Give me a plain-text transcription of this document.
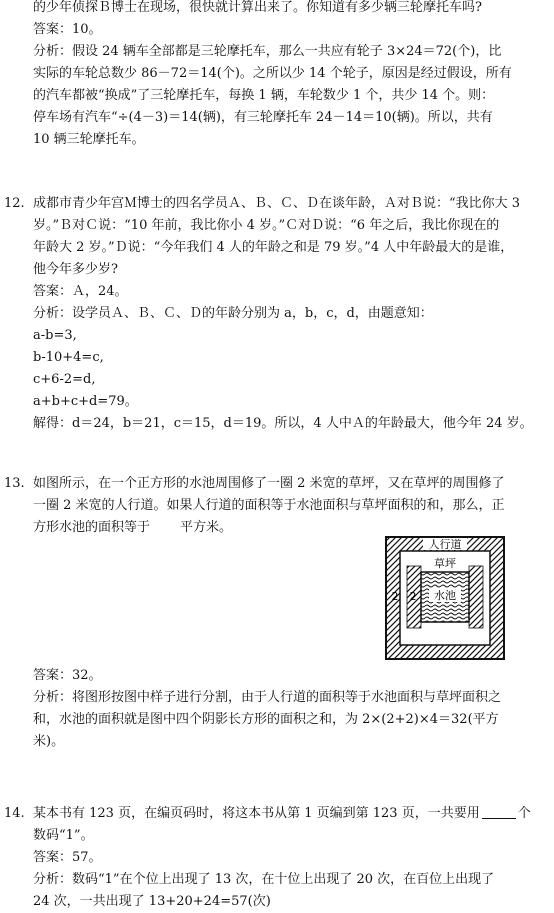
的少年侦探Ｂ博士在现场，很快就计算出来了。你知道有多少辆三轮摩托车吗?
答案：10。
分析：假设 24 辆车全部都是三轮摩托车，那么一共应有轮子 3×24＝72(个)，比
实际的车轮总数少 86－72＝14(个)。之所以少 14 个轮子，原因是经过假设，所有
的汽车都被“换成”了三轮摩托车，每换 1 辆，车轮数少 1 个，共少 14 个。则：
停车场有汽车“÷(4－3)＝14(辆)，有三轮摩托车 24－14＝10(辆)。所以，共有
10 辆三轮摩托车。
12. 成都市青少年宫Ｍ博士的四名学员Ａ、Ｂ、Ｃ、Ｄ在谈年龄，Ａ对Ｂ说：“我比你大 3
岁。”Ｂ对Ｃ说：“10 年前，我比你小 4 岁。”Ｃ对Ｄ说：“6 年之后，我比你现在的
年龄大 2 岁。”Ｄ说：“今年我们 4 人的年龄之和是 79 岁。”4 人中年龄最大的是谁，
他今年多少岁?
答案：Ａ，24。
分析：设学员Ａ、Ｂ、Ｃ、Ｄ的年龄分别为 a，b，c，d，由题意知：
a-b=3,
b-10+4=c,
c+6-2=d,
a+b+c+d=79。
解得：d＝24，b＝21，c＝15，d＝19。所以，4 人中Ａ的年龄最大，他今年 24 岁。
13. 如图所示，在一个正方形的水池周围修了一圈 2 米宽的草坪，又在草坪的周围修了
一圈 2 米宽的人行道。如果人行道的面积等于水池面积与草坪面积的和，那么，正
方形水池的面积等于 平方米。
人行道
草坪
水池
2 2
答案：32。
分析：将图形按图中样子进行分割，由于人行道的面积等于水池面积与草坪面积之
和，水池的面积就是图中四个阴影长方形的面积之和，为 2×(2+2)×4＝32(平方
米)。
14. 某本书有 123 页，在编页码时，将这本书从第 1 页编到第 123 页，一共要用	个
数码“1”。
答案：57。
分析：数码“1”在个位上出现了 13 次，在十位上出现了 20 次，在百位上出现了
24 次，一共出现了 13+20+24=57(次)
